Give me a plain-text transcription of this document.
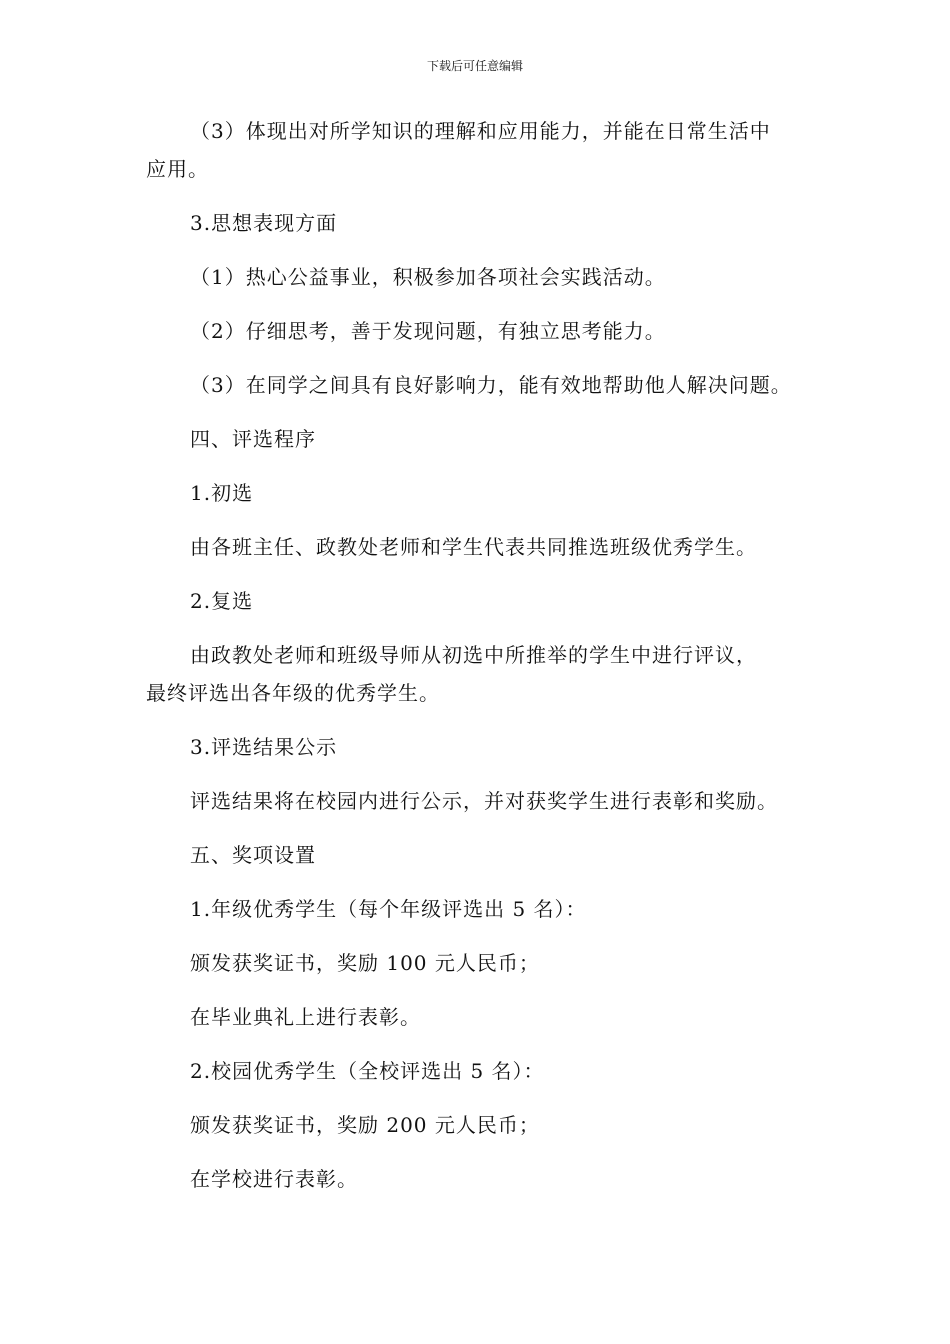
下载后可任意编辑
（3）体现出对所学知识的理解和应用能力，并能在日常生活中
应用。
3.思想表现方面
（1）热心公益事业，积极参加各项社会实践活动。
（2）仔细思考，善于发现问题，有独立思考能力。
（3）在同学之间具有良好影响力，能有效地帮助他人解决问题。
四、评选程序
1.初选
由各班主任、政教处老师和学生代表共同推选班级优秀学生。
2.复选
由政教处老师和班级导师从初选中所推举的学生中进行评议，
最终评选出各年级的优秀学生。
3.评选结果公示
评选结果将在校园内进行公示，并对获奖学生进行表彰和奖励。
五、奖项设置
1.年级优秀学生（每个年级评选出 5 名）：
颁发获奖证书，奖励 100 元人民币；
在毕业典礼上进行表彰。
2.校园优秀学生（全校评选出 5 名）：
颁发获奖证书，奖励 200 元人民币；
在学校进行表彰。
